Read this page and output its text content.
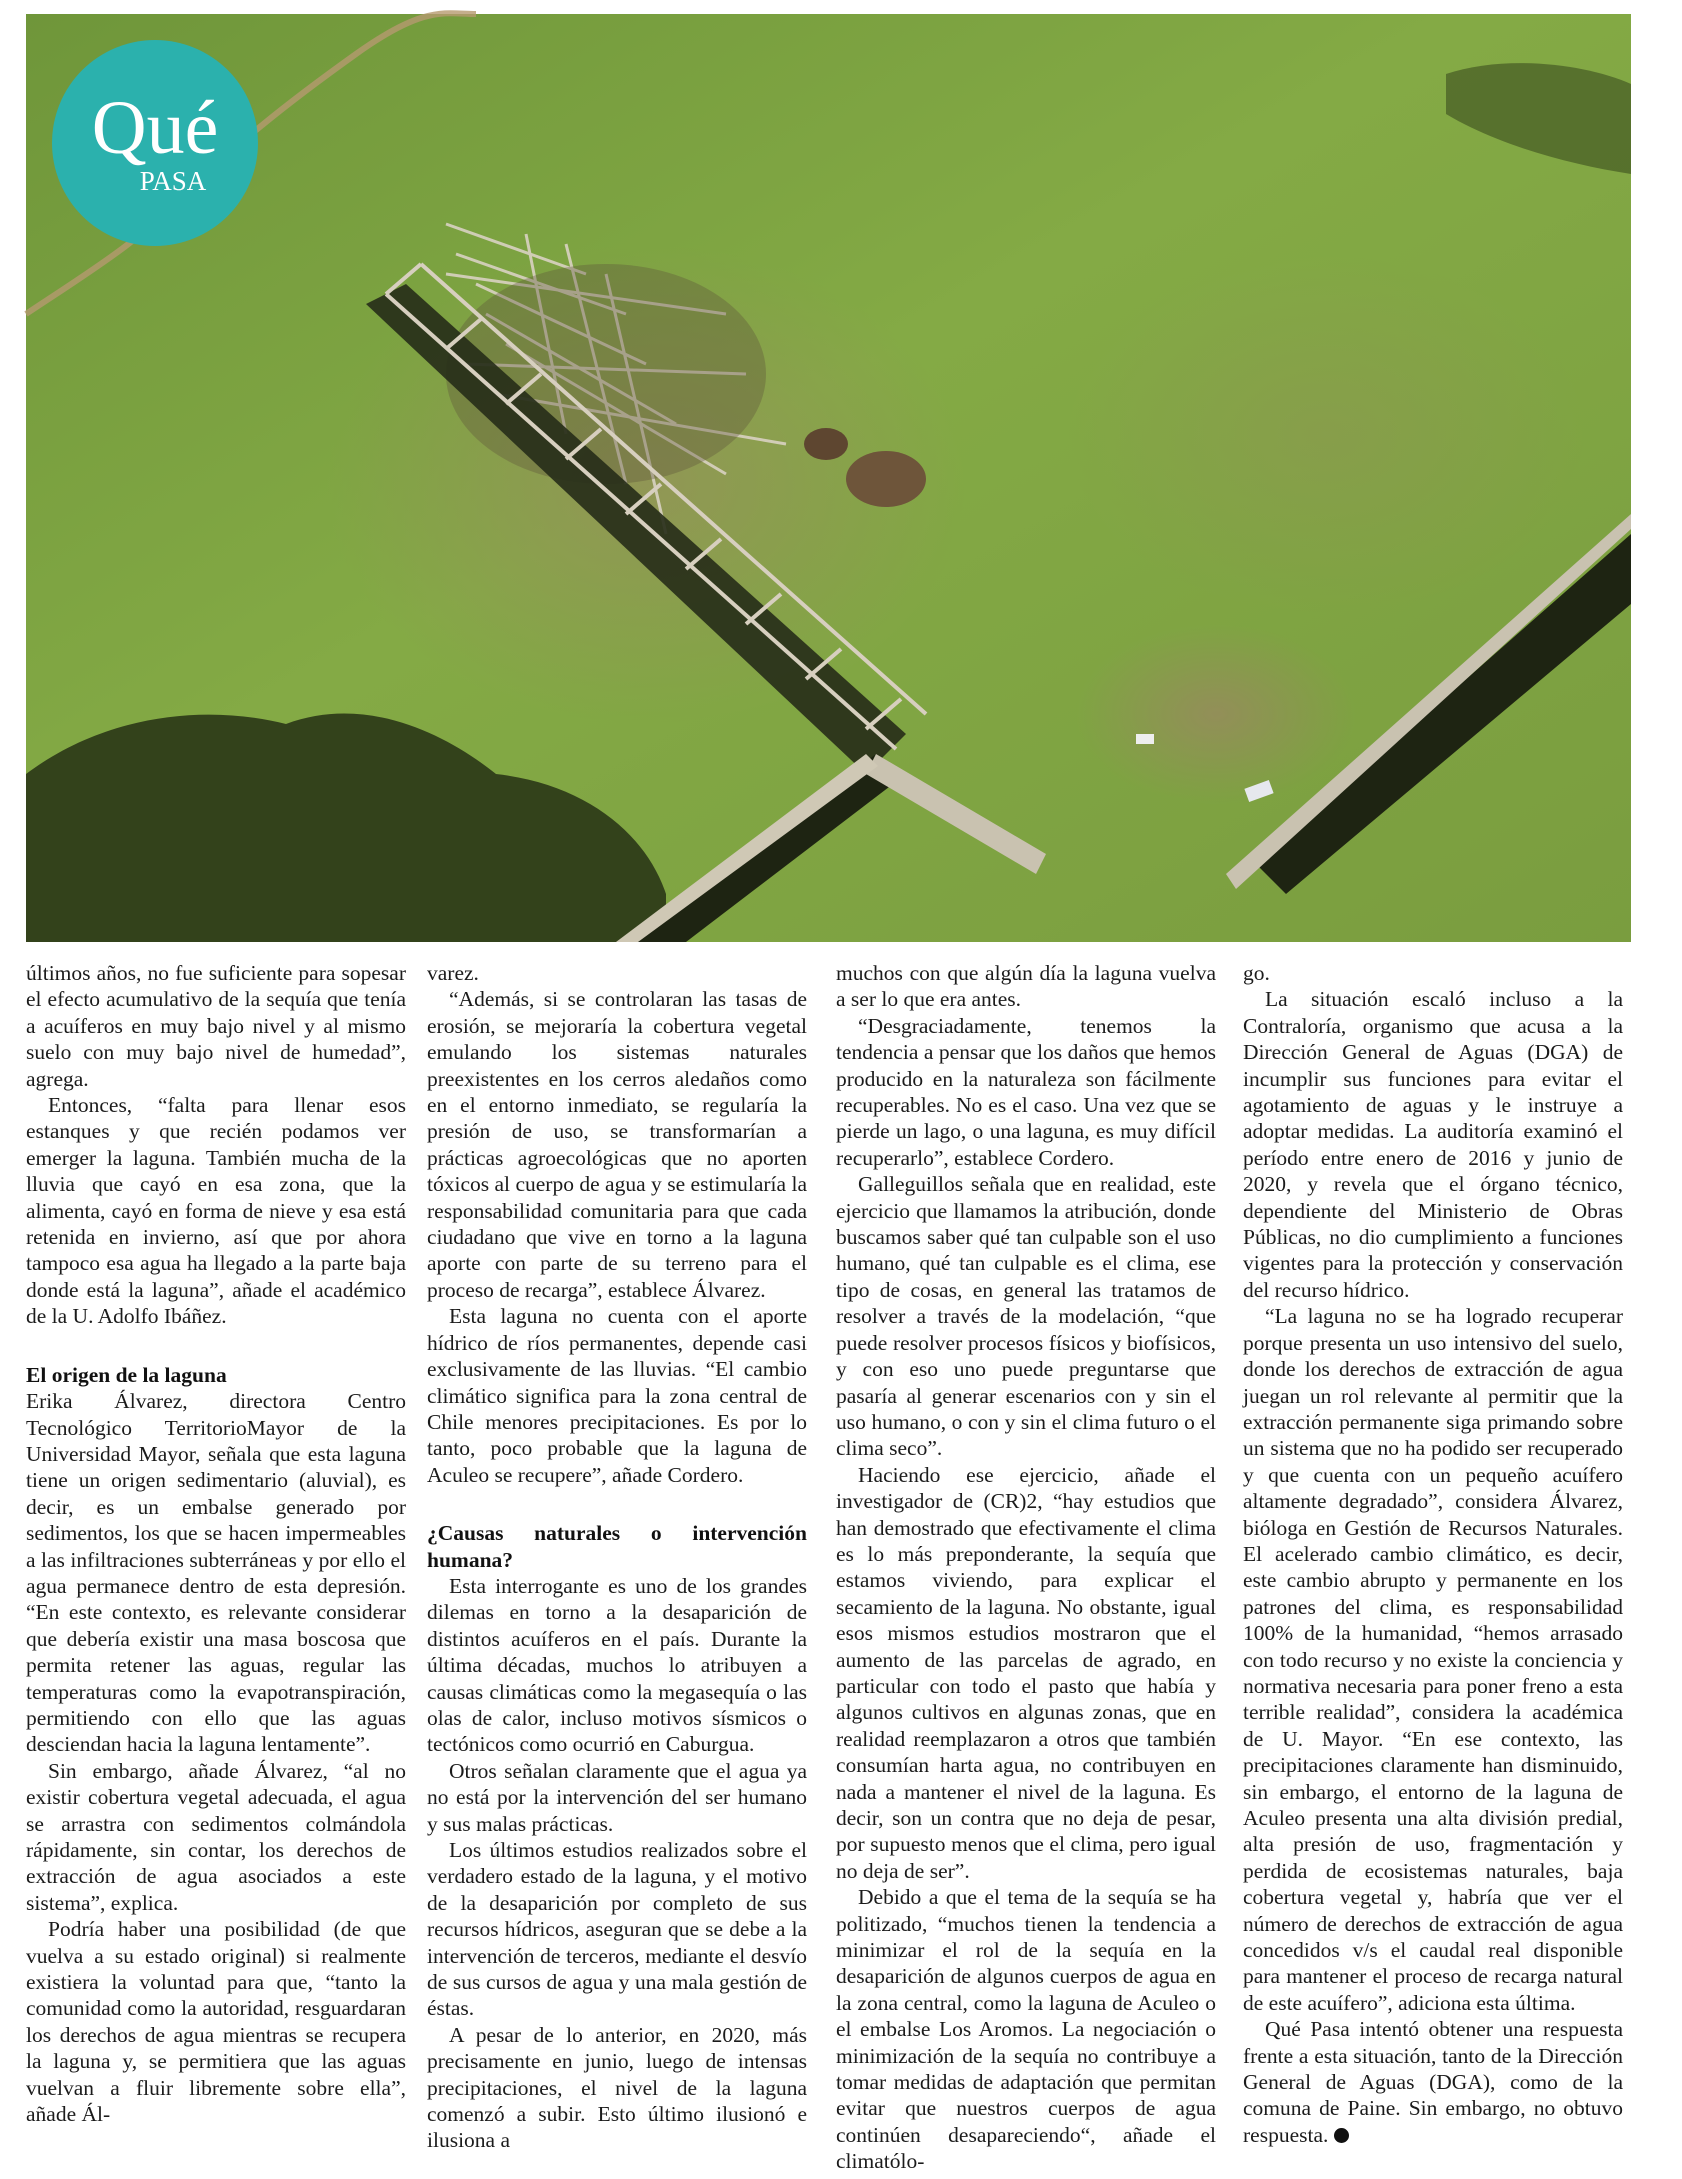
Qué
PASA

últimos años, no fue suficiente para sopesar el efecto acumulativo de la sequía que tenía a acuíferos en muy bajo nivel y al mismo suelo con muy bajo nivel de humedad”, agrega.

Entonces, “falta para llenar esos estanques y que recién podamos ver emerger la laguna. También mucha de la lluvia que cayó en esa zona, que la alimenta, cayó en forma de nieve y esa está retenida en invierno, así que por ahora tampoco esa agua ha llegado a la parte baja donde está la laguna”, añade el académico de la U. Adolfo Ibáñez.

El origen de la laguna

Erika Álvarez, directora Centro Tecnológico TerritorioMayor de la Universidad Mayor, señala que esta laguna tiene un origen sedimentario (aluvial), es decir, es un embalse generado por sedimentos, los que se hacen impermeables a las infiltraciones subterráneas y por ello el agua permanece dentro de esta depresión. “En este contexto, es relevante considerar que debería existir una masa boscosa que permita retener las aguas, regular las temperaturas como la evapotranspiración, permitiendo con ello que las aguas desciendan hacia la laguna lentamente”.

Sin embargo, añade Álvarez, “al no existir cobertura vegetal adecuada, el agua se arrastra con sedimentos colmándola rápidamente, sin contar, los derechos de extracción de agua asociados a este sistema”, explica.

Podría haber una posibilidad (de que vuelva a su estado original) si realmente existiera la voluntad para que, “tanto la comunidad como la autoridad, resguardaran los derechos de agua mientras se recupera la laguna y, se permitiera que las aguas vuelvan a fluir libremente sobre ella”, añade Ál-

varez.

“Además, si se controlaran las tasas de erosión, se mejoraría la cobertura vegetal emulando los sistemas naturales preexistentes en los cerros aledaños como en el entorno inmediato, se regularía la presión de uso, se transformarían a prácticas agroecológicas que no aporten tóxicos al cuerpo de agua y se estimularía la responsabilidad comunitaria para que cada ciudadano que vive en torno a la laguna aporte con parte de su terreno para el proceso de recarga”, establece Álvarez.

Esta laguna no cuenta con el aporte hídrico de ríos permanentes, depende casi exclusivamente de las lluvias. “El cambio climático significa para la zona central de Chile menores precipitaciones. Es por lo tanto, poco probable que la laguna de Aculeo se recupere”, añade Cordero.

¿Causas naturales o intervención humana?

Esta interrogante es uno de los grandes dilemas en torno a la desaparición de distintos acuíferos en el país. Durante la última décadas, muchos lo atribuyen a causas climáticas como la megasequía o las olas de calor, incluso motivos sísmicos o tectónicos como ocurrió en Caburgua.

Otros señalan claramente que el agua ya no está por la intervención del ser humano y sus malas prácticas.

Los últimos estudios realizados sobre el verdadero estado de la laguna, y el motivo de la desaparición por completo de sus recursos hídricos, aseguran que se debe a la intervención de terceros, mediante el desvío de sus cursos de agua y una mala gestión de éstas.

A pesar de lo anterior, en 2020, más precisamente en junio, luego de intensas precipitaciones, el nivel de la laguna comenzó a subir. Esto último ilusionó e ilusiona a

muchos con que algún día la laguna vuelva a ser lo que era antes.

“Desgraciadamente, tenemos la tendencia a pensar que los daños que hemos producido en la naturaleza son fácilmente recuperables. No es el caso. Una vez que se pierde un lago, o una laguna, es muy difícil recuperarlo”, establece Cordero.

Galleguillos señala que en realidad, este ejercicio que llamamos la atribución, donde buscamos saber qué tan culpable son el uso humano, qué tan culpable es el clima, ese tipo de cosas, en general las tratamos de resolver a través de la modelación, “que puede resolver procesos físicos y biofísicos, y con eso uno puede preguntarse que pasaría al generar escenarios con y sin el uso humano, o con y sin el clima futuro o el clima seco”.

Haciendo ese ejercicio, añade el investigador de (CR)2, “hay estudios que han demostrado que efectivamente el clima es lo más preponderante, la sequía que estamos viviendo, para explicar el secamiento de la laguna. No obstante, igual esos mismos estudios mostraron que el aumento de las parcelas de agrado, en particular con todo el pasto que había y algunos cultivos en algunas zonas, que en realidad reemplazaron a otros que también consumían harta agua, no contribuyen en nada a mantener el nivel de la laguna. Es decir, son un contra que no deja de pesar, por supuesto menos que el clima, pero igual no deja de ser”.

Debido a que el tema de la sequía se ha politizado, “muchos tienen la tendencia a minimizar el rol de la sequía en la desaparición de algunos cuerpos de agua en la zona central, como la laguna de Aculeo o el embalse Los Aromos. La negociación o minimización de la sequía no contribuye a tomar medidas de adaptación que permitan evitar que nuestros cuerpos de agua continúen desapareciendo“, añade el climatólo-

go.

La situación escaló incluso a la Contraloría, organismo que acusa a la Dirección General de Aguas (DGA) de incumplir sus funciones para evitar el agotamiento de aguas y le instruye a adoptar medidas. La auditoría examinó el período entre enero de 2016 y junio de 2020, y revela que el órgano técnico, dependiente del Ministerio de Obras Públicas, no dio cumplimiento a funciones vigentes para la protección y conservación del recurso hídrico.

“La laguna no se ha logrado recuperar porque presenta un uso intensivo del suelo, donde los derechos de extracción de agua juegan un rol relevante al permitir que la extracción permanente siga primando sobre un sistema que no ha podido ser recuperado y que cuenta con un pequeño acuífero altamente degradado”, considera Álvarez, bióloga en Gestión de Recursos Naturales. El acelerado cambio climático, es decir, este cambio abrupto y permanente en los patrones del clima, es responsabilidad 100% de la humanidad, “hemos arrasado con todo recurso y no existe la conciencia y normativa necesaria para poner freno a esta terrible realidad”, considera la académica de U. Mayor. “En ese contexto, las precipitaciones claramente han disminuido, sin embargo, el entorno de la laguna de Aculeo presenta una alta división predial, alta presión de uso, fragmentación y perdida de ecosistemas naturales, baja cobertura vegetal y, habría que ver el número de derechos de extracción de agua concedidos v/s el caudal real disponible para mantener el proceso de recarga natural de este acuífero”, adiciona esta última.

Qué Pasa intentó obtener una respuesta frente a esta situación, tanto de la Dirección General de Aguas (DGA), como de la comuna de Paine. Sin embargo, no obtuvo respuesta.
